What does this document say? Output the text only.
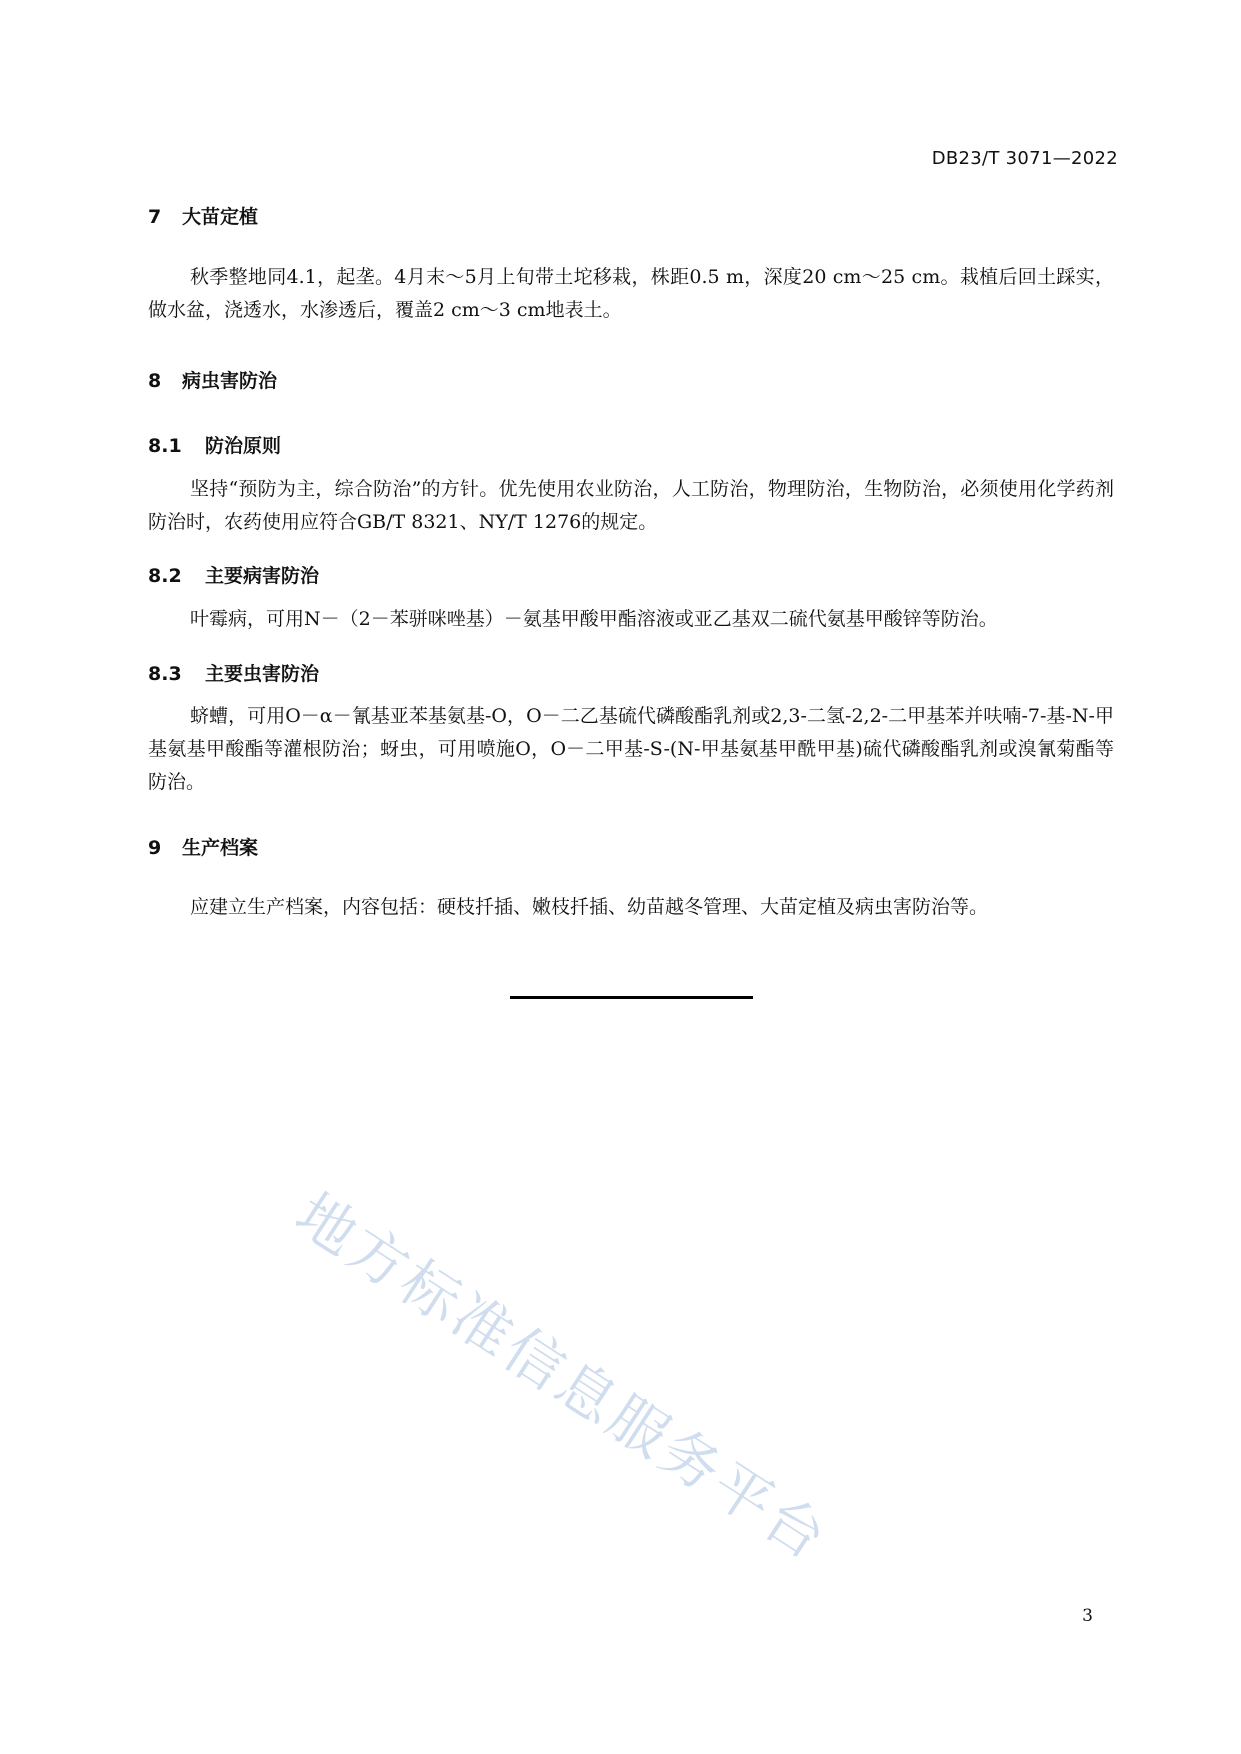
DB23/T 3071—2022
7 大苗定植

秋季整地同4.1，起垄。4月末～5月上旬带土坨移栽，株距0.5 m，深度20 cm～25 cm。栽植后回土踩实，做水盆，浇透水，水渗透后，覆盖2 cm～3 cm地表土。

8 病虫害防治
8.1 防治原则

坚持“预防为主，综合防治”的方针。优先使用农业防治，人工防治，物理防治，生物防治，必须使用化学药剂防治时，农药使用应符合GB/T 8321、NY/T 1276的规定。

8.2 主要病害防治

叶霉病，可用N－（2－苯骈咪唑基）－氨基甲酸甲酯溶液或亚乙基双二硫代氨基甲酸锌等防治。

8.3 主要虫害防治

蛴螬，可用O－α－氰基亚苯基氨基-O，O－二乙基硫代磷酸酯乳剂或2,3-二氢-2,2-二甲基苯并呋喃-7-基-N-甲基氨基甲酸酯等灌根防治；蚜虫，可用喷施O，O－二甲基-S-(N-甲基氨基甲酰甲基)硫代磷酸酯乳剂或溴氰菊酯等防治。

9 生产档案

应建立生产档案，内容包括：硬枝扦插、嫩枝扦插、幼苗越冬管理、大苗定植及病虫害防治等。

地方标准信息服务平台
3
